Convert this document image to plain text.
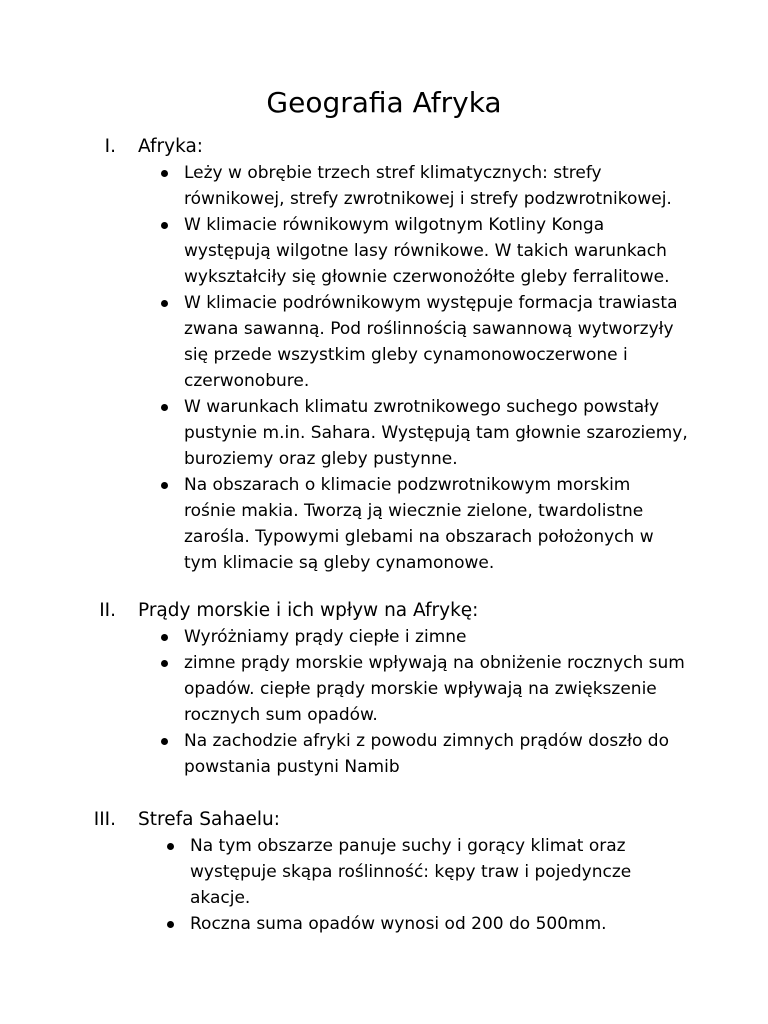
Geografia Afryka
I. Afryka:
Leży w obrębie trzech stref klimatycznych: strefy
równikowej, strefy zwrotnikowej i strefy podzwrotnikowej.
W klimacie równikowym wilgotnym Kotliny Konga
występują wilgotne lasy równikowe. W takich warunkach
wykształciły się głownie czerwonożółte gleby ferralitowe.
W klimacie podrównikowym występuje formacja trawiasta
zwana sawanną. Pod roślinnością sawannową wytworzyły
się przede wszystkim gleby cynamonowoczerwone i
czerwonobure.
W warunkach klimatu zwrotnikowego suchego powstały
pustynie m.in. Sahara. Występują tam głownie szaroziemy,
buroziemy oraz gleby pustynne.
Na obszarach o klimacie podzwrotnikowym morskim
rośnie makia. Tworzą ją wiecznie zielone, twardolistne
zarośla. Typowymi glebami na obszarach położonych w
tym klimacie są gleby cynamonowe.
II. Prądy morskie i ich wpływ na Afrykę:
Wyróżniamy prądy ciepłe i zimne
zimne prądy morskie wpływają na obniżenie rocznych sum
opadów. ciepłe prądy morskie wpływają na zwiększenie
rocznych sum opadów.
Na zachodzie afryki z powodu zimnych prądów doszło do
powstania pustyni Namib
III. Strefa Sahaelu:
Na tym obszarze panuje suchy i gorący klimat oraz
występuje skąpa roślinność: kępy traw i pojedyncze
akacje.
Roczna suma opadów wynosi od 200 do 500mm.
